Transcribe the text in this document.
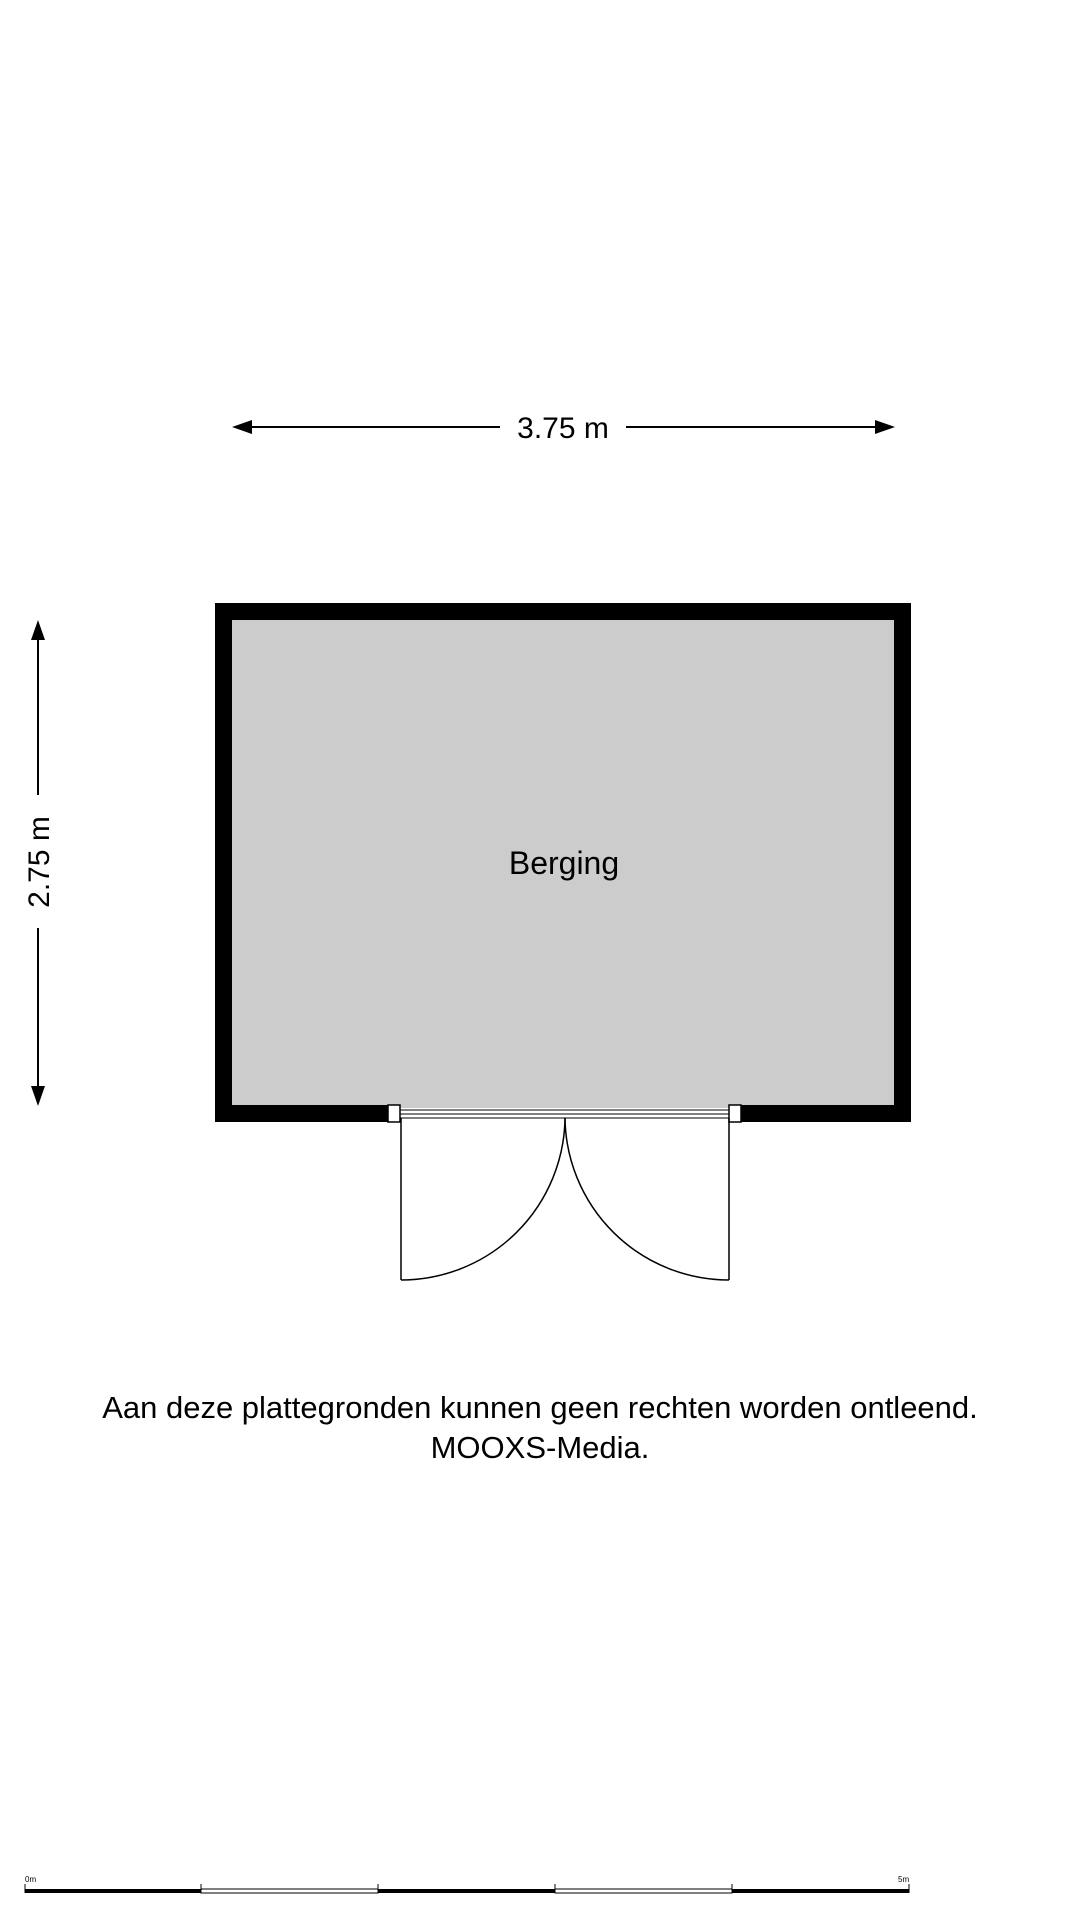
3.75 m
2.75 m	Berging
0m	5m
Aan deze plattegronden kunnen geen rechten worden ontleend.
MOOXS-Media.
